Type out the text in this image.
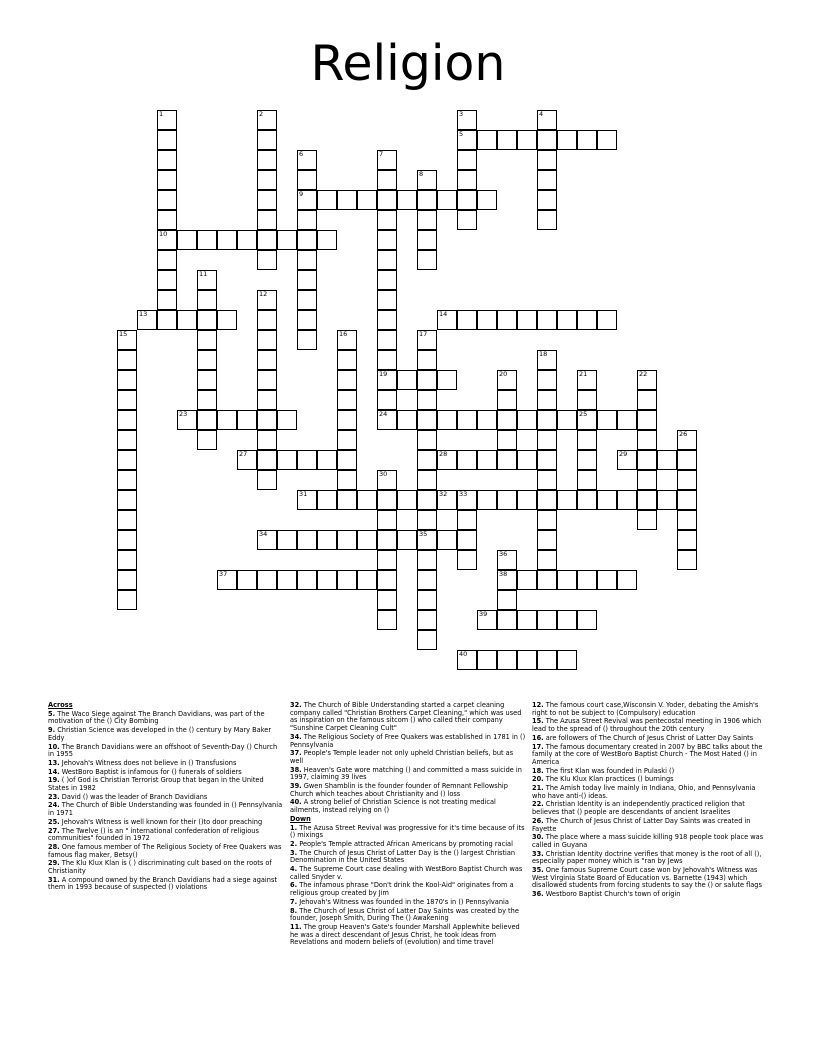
Religion
1
10
2	3
5
4
6
9
7
19
8
11
12
13	14
15	16	17
35
18
20	21
25
22
23	24
26
27	28	29
30
31	32 33
34
36
38
37
39
40
Across
5. The Waco Siege against The Branch Davidians, was part of the motivation of the () City Bombing
9. Christian Science was developed in the () century by Mary Baker Eddy
10. The Branch Davidians were an offshoot of Seventh-Day () Church in 1955
13. Jehovah's Witness does not believe in () Transfusions
14. WestBoro Baptist is infamous for () funerals of soldiers
19. ( )of God is Christian Terrorist Group that began in the United States in 1982
23. David () was the leader of Branch Davidians
24. The Church of Bible Understanding was founded in () Pennsylvania in 1971
25. Jehovah's Witness is well known for their ()to door preaching
27. The Twelve () is an " international confederation of religious communities" founded in 1972
28. One famous member of The Religious Society of Free Quakers was famous flag maker, Betsy()
29. The Klu Klux Klan is ( ) discriminating cult based on the roots of Christianity
31. A compound owned by the Branch Davidians had a siege against them in 1993 because of suspected () violations
32. The Church of Bible Understanding started a carpet cleaning company called "Christian Brothers Carpet Cleaning," which was used as inspiration on the famous sitcom () who called their company "Sunshine Carpet Cleaning Cult"
34. The Religious Society of Free Quakers was established in 1781 in () Pennsylvania
37. People's Temple leader not only upheld Christian beliefs, but as well
38. Heaven's Gate wore matching () and committed a mass suicide in 1997, claiming 39 lives
39. Gwen Shamblin is the founder founder of Remnant Fellowship Church which teaches about Christianity and () loss
40. A strong belief of Christian Science is not treating medical ailments, instead relying on ()
Down
1. The Azusa Street Revival was progressive for it's time because of its () mixings
2. People's Temple attracted African Americans by promoting racial
3. The Church of Jesus Christ of Latter Day is the () largest Christian Denomination in the United States
4. The Supreme Court case dealing with WestBoro Baptist Church was called Snyder v.
6. The infamous phrase "Don't drink the Kool-Aid" originates from a religious group created by Jim
7. Jehovah's Witness was founded in the 1870's in () Pennsylvania
8. The Church of Jesus Christ of Latter Day Saints was created by the founder, Joseph Smith, During The () Awakening
11. The group Heaven's Gate's founder Marshall Applewhite believed he was a direct descendant of Jesus Christ, he took ideas from Revelations and modern beliefs of (evolution) and time travel
12. The famous court case,Wisconsin V. Yoder, debating the Amish's right to not be subject to (Compulsory) education
15. The Azusa Street Revival was pentecostal meeting in 1906 which lead to the spread of () throughout the 20th century
16. are followers of The Church of Jesus Christ of Latter Day Saints
17. The famous documentary created in 2007 by BBC talks about the family at the core of WestBoro Baptist Church - The Most Hated () in America
18. The first Klan was founded in Pulaski ()
20. The Klu Klux Klan practices () burnings
21. The Amish today live mainly in Indiana, Ohio, and Pennsylvania who have anti-() ideas.
22. Christian Identity is an independently practiced religion that believes that () people are descendants of ancient Israelites
26. The Church of Jesus Christ of Latter Day Saints was created in Fayette
30. The place where a mass suicide killing 918 people took place was called in Guyana
33. Christian Identity doctrine verifies that money is the root of all (), especially paper money which is "ran by Jews
35. One famous Supreme Court case won by Jehovah's Witness was West Virginia State Board of Education vs. Barnette (1943) which disallowed students from forcing students to say the () or salute flags
36. Westboro Baptist Church's town of origin
